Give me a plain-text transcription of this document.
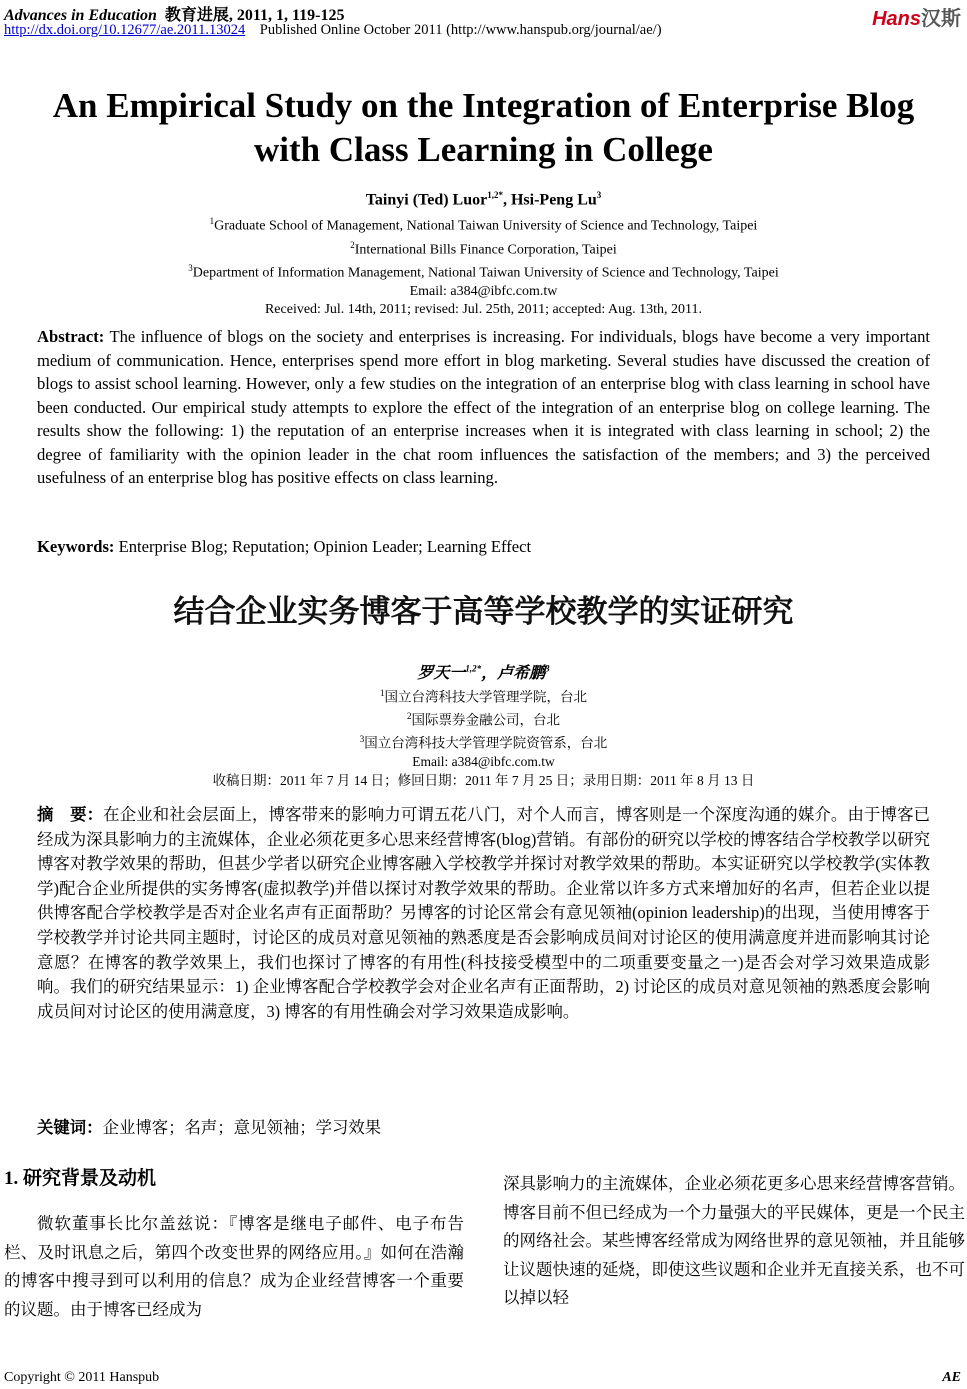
Advances in Education 教育进展, 2011, 1, 119-125
http://dx.doi.org/10.12677/ae.2011.13024 Published Online October 2011 (http://www.hanspub.org/journal/ae/)	Hans汉斯
An Empirical Study on the Integration of Enterprise Blog
with Class Learning in College
Tainyi (Ted) Luor$^{1,2*}$, Hsi-Peng Lu$^3$
$^1$Graduate School of Management, National Taiwan University of Science and Technology, Taipei
$^2$International Bills Finance Corporation, Taipei
$^3$Department of Information Management, National Taiwan University of Science and Technology, Taipei
Email: a384@ibfc.com.tw
Received: Jul. 14th, 2011; revised: Jul. 25th, 2011; accepted: Aug. 13th, 2011.
Abstract: The influence of blogs on the society and enterprises is increasing. For individuals, blogs have become a very important medium of communication. Hence, enterprises spend more effort in blog marketing. Several studies have discussed the creation of blogs to assist school learning. However, only a few studies on the integration of an enterprise blog with class learning in school have been conducted. Our empirical study attempts to explore the effect of the integration of an enterprise blog on college learning. The results show the following: 1) the reputation of an enterprise increases when it is integrated with class learning in school; 2) the degree of familiarity with the opinion leader in the chat room influences the satisfaction of the members; and 3) the perceived usefulness of an enterprise blog has positive effects on class learning.
Keywords: Enterprise Blog; Reputation; Opinion Leader; Learning Effect
结合企业实务博客于高等学校教学的实证研究
罗天一$^{1,2*}$，卢希鹏$^3$
$^1$国立台湾科技大学管理学院，台北
$^2$国际票券金融公司，台北
$^3$国立台湾科技大学管理学院资管系，台北
Email: a384@ibfc.com.tw
收稿日期：2011 年 7 月 14 日；修回日期：2011 年 7 月 25 日；录用日期：2011 年 8 月 13 日
摘　要：在企业和社会层面上，博客带来的影响力可谓五花八门，对个人而言，博客则是一个深度沟通的媒介。由于博客已经成为深具影响力的主流媒体，企业必须花更多心思来经营博客(blog)营销。有部份的研究以学校的博客结合学校教学以研究博客对教学效果的帮助，但甚少学者以研究企业博客融入学校教学并探讨对教学效果的帮助。本实证研究以学校教学(实体教学)配合企业所提供的实务博客(虚拟教学)并借以探讨对教学效果的帮助。企业常以许多方式来增加好的名声，但若企业以提供博客配合学校教学是否对企业名声有正面帮助？另博客的讨论区常会有意见领袖(opinion leadership)的出现，当使用博客于学校教学并讨论共同主题时，讨论区的成员对意见领袖的熟悉度是否会影响成员间对讨论区的使用满意度并进而影响其讨论意愿？在博客的教学效果上，我们也探讨了博客的有用性(科技接受模型中的二项重要变量之一)是否会对学习效果造成影响。我们的研究结果显示：1) 企业博客配合学校教学会对企业名声有正面帮助，2) 讨论区的成员对意见领袖的熟悉度会影响成员间对讨论区的使用满意度，3) 博客的有用性确会对学习效果造成影响。
关键词：企业博客；名声；意见领袖；学习效果
1. 研究背景及动机
微软董事长比尔盖兹说：『博客是继电子邮件、电子布告栏、及时讯息之后，第四个改变世界的网络应用。』如何在浩瀚的博客中搜寻到可以利用的信息？成为企业经营博客一个重要的议题。由于博客已经成为
深具影响力的主流媒体，企业必须花更多心思来经营博客营销。博客目前不但已经成为一个力量强大的平民媒体，更是一个民主的网络社会。某些博客经常成为网络世界的意见领袖，并且能够让议题快速的延烧，即使这些议题和企业并无直接关系，也不可以掉以轻
Copyright © 2011 Hanspub	AE
